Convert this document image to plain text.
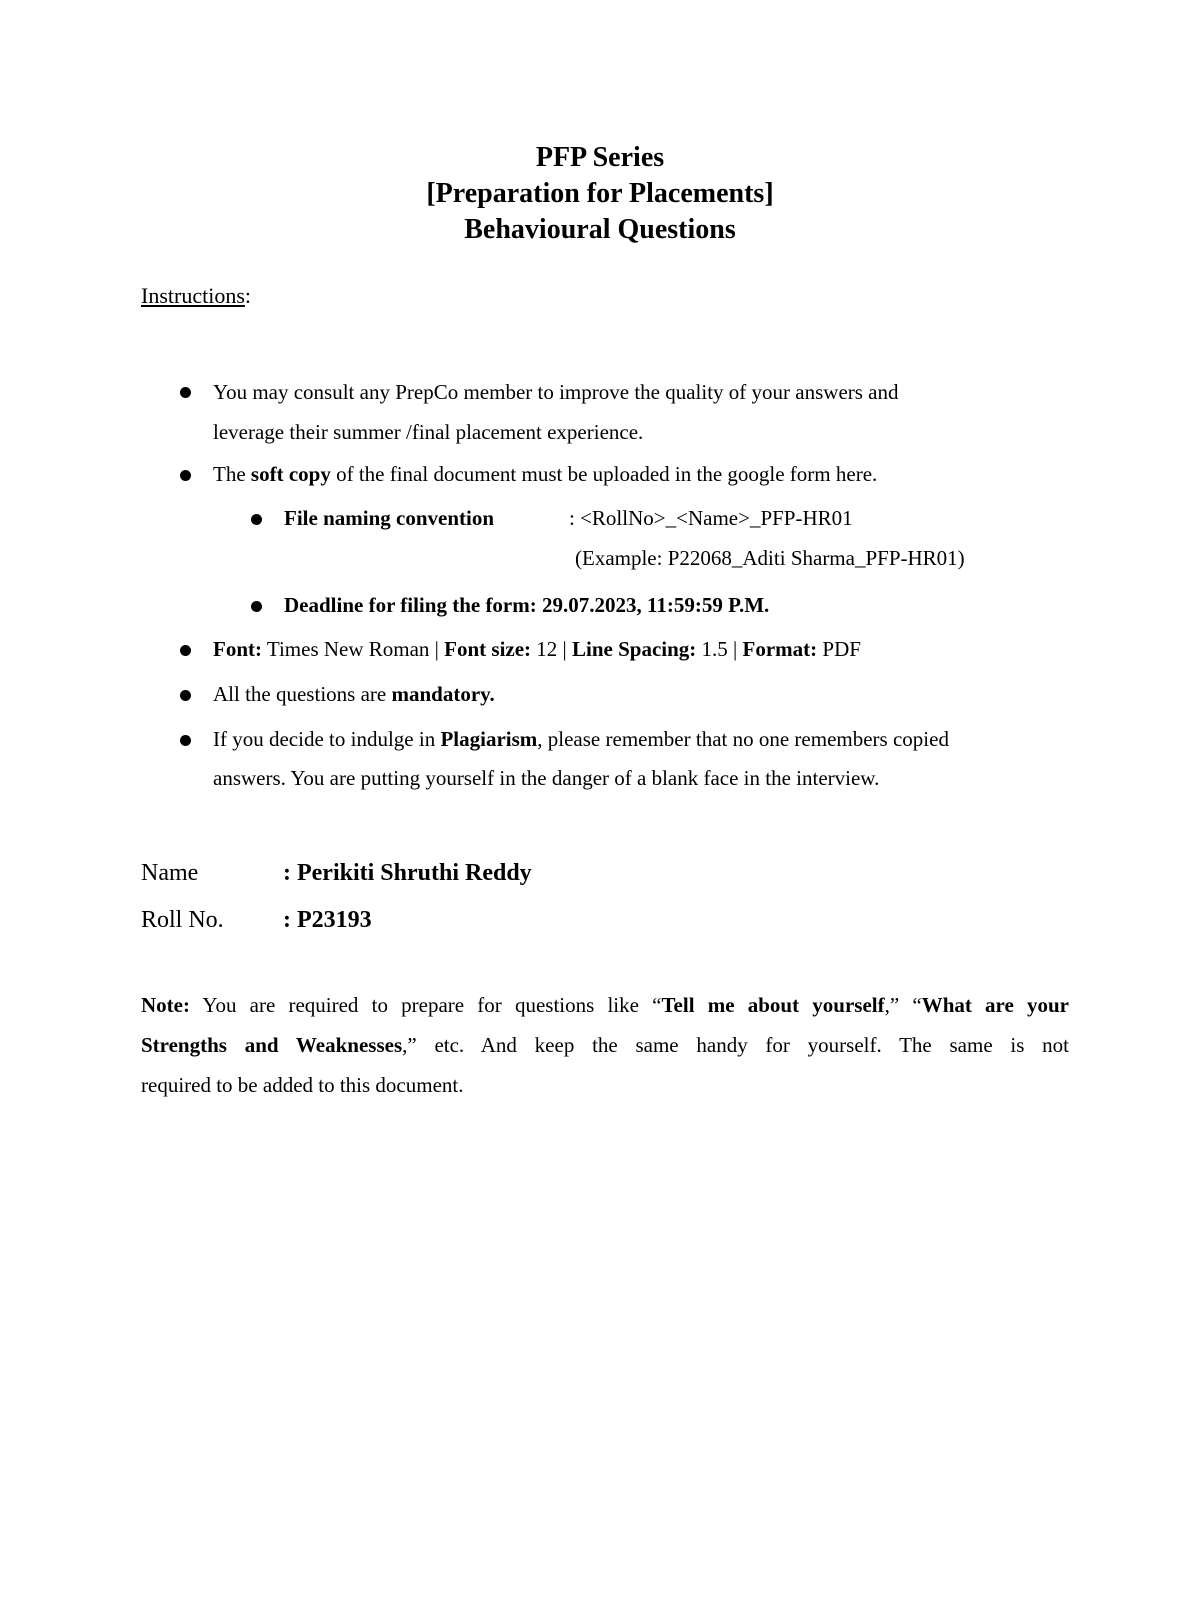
PFP Series
[Preparation for Placements]
Behavioural Questions
Instructions:
You may consult any PrepCo member to improve the quality of your answers and
leverage their summer /final placement experience.
The soft copy of the final document must be uploaded in the google form here.
File naming convention	: <RollNo>_<Name>_PFP-HR01
(Example: P22068_Aditi Sharma_PFP-HR01)
Deadline for filing the form: 29.07.2023, 11:59:59 P.M.
Font: Times New Roman | Font size: 12 | Line Spacing: 1.5 | Format: PDF
All the questions are mandatory.
If you decide to indulge in Plagiarism, please remember that no one remembers copied
answers. You are putting yourself in the danger of a blank face in the interview.
Name	: Perikiti Shruthi Reddy
Roll No. : P23193
Note: You are required to prepare for questions like “Tell me about yourself,” “What are your
Strengths and Weaknesses,” etc. And keep the same handy for yourself. The same is not
required to be added to this document.
